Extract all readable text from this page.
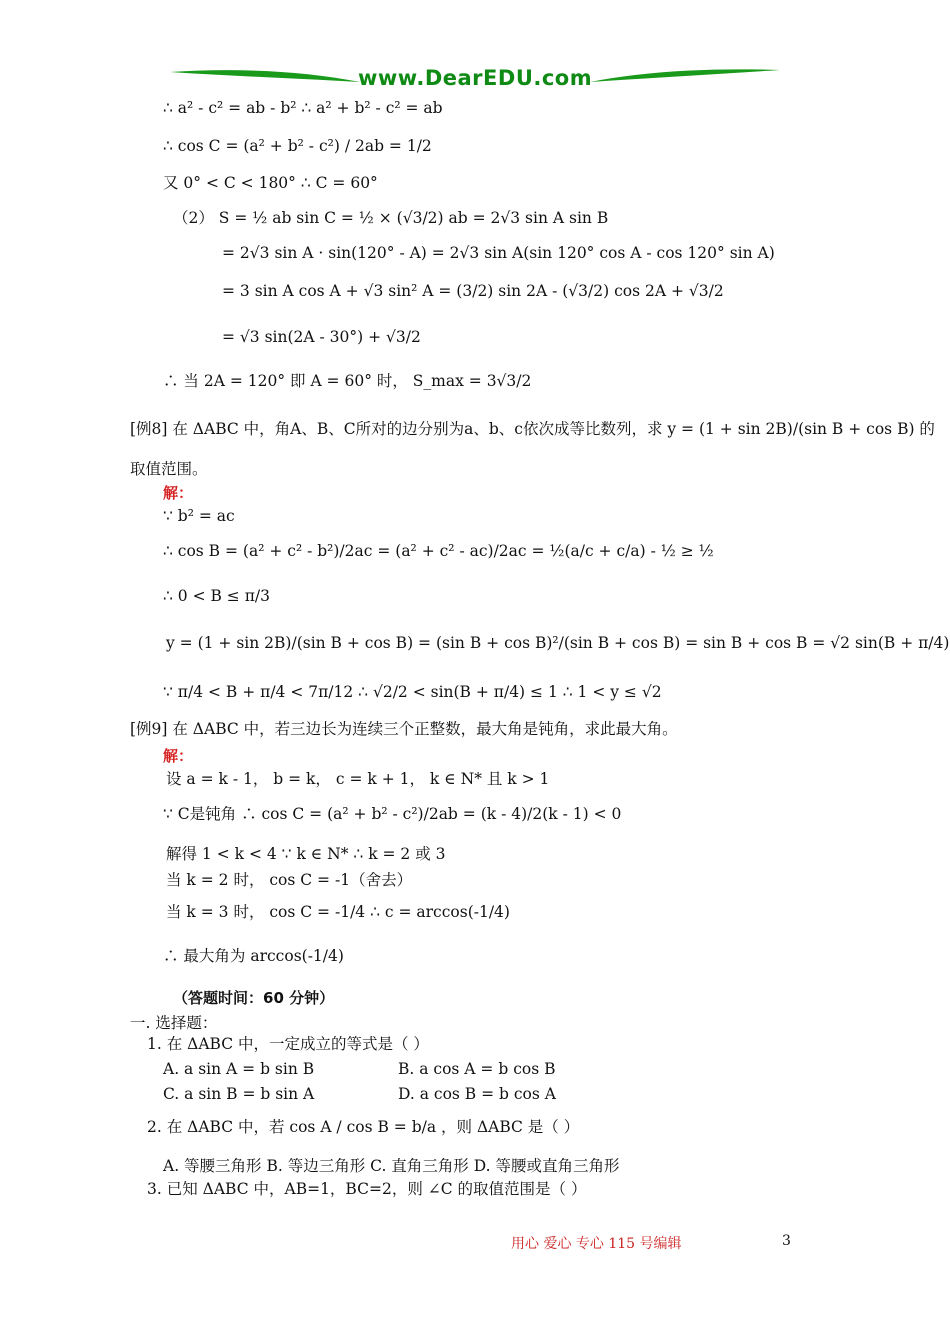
www.DearEDU.com
∴ a² - c² = ab - b² ∴ a² + b² - c² = ab
∴ cos C = (a² + b² - c²) / 2ab = 1/2
又 0° < C < 180° ∴ C = 60°
（2） S = ½ ab sin C = ½ × (√3/2) ab = 2√3 sin A sin B
= 2√3 sin A · sin(120° - A) = 2√3 sin A(sin 120° cos A - cos 120° sin A)
= 3 sin A cos A + √3 sin² A = (3/2) sin 2A - (√3/2) cos 2A + √3/2
= √3 sin(2A - 30°) + √3/2
∴ 当 2A = 120° 即 A = 60° 时， S_max = 3√3/2
[例8] 在 ΔABC 中，角A、B、C所对的边分别为a、b、c依次成等比数列，求 y = (1 + sin 2B)/(sin B + cos B) 的
取值范围。
∵ b² = ac
∴ cos B = (a² + c² - b²)/2ac = (a² + c² - ac)/2ac = ½(a/c + c/a) - ½ ≥ ½
∴ 0 < B ≤ π/3
y = (1 + sin 2B)/(sin B + cos B) = (sin B + cos B)²/(sin B + cos B) = sin B + cos B = √2 sin(B + π/4)
∵ π/4 < B + π/4 < 7π/12 ∴ √2/2 < sin(B + π/4) ≤ 1 ∴ 1 < y ≤ √2
[例9] 在 ΔABC 中，若三边长为连续三个正整数，最大角是钝角，求此最大角。
设 a = k - 1， b = k， c = k + 1， k ∈ N* 且 k > 1
∵ C是钝角 ∴ cos C = (a² + b² - c²)/2ab = (k - 4)/2(k - 1) < 0
解得 1 < k < 4 ∵ k ∈ N* ∴ k = 2 或 3
当 k = 2 时， cos C = -1（舍去）
当 k = 3 时， cos C = -1/4 ∴ c = arccos(-1/4)
∴ 最大角为 arccos(-1/4)
一. 选择题：
1. 在 ΔABC 中，一定成立的等式是（ ）
A. a sin A = b sin B	B. a cos A = b cos B
C. a sin B = b sin A	D. a cos B = b cos A
2. 在 ΔABC 中，若 cos A / cos B = b/a ，则 ΔABC 是（ ）
A. 等腰三角形 B. 等边三角形 C. 直角三角形 D. 等腰或直角三角形
3. 已知 ΔABC 中，AB=1，BC=2，则 ∠C 的取值范围是（ ）
解：
解：
（答题时间：60 分钟）
用心 爱心 专心 115 号编辑	3
